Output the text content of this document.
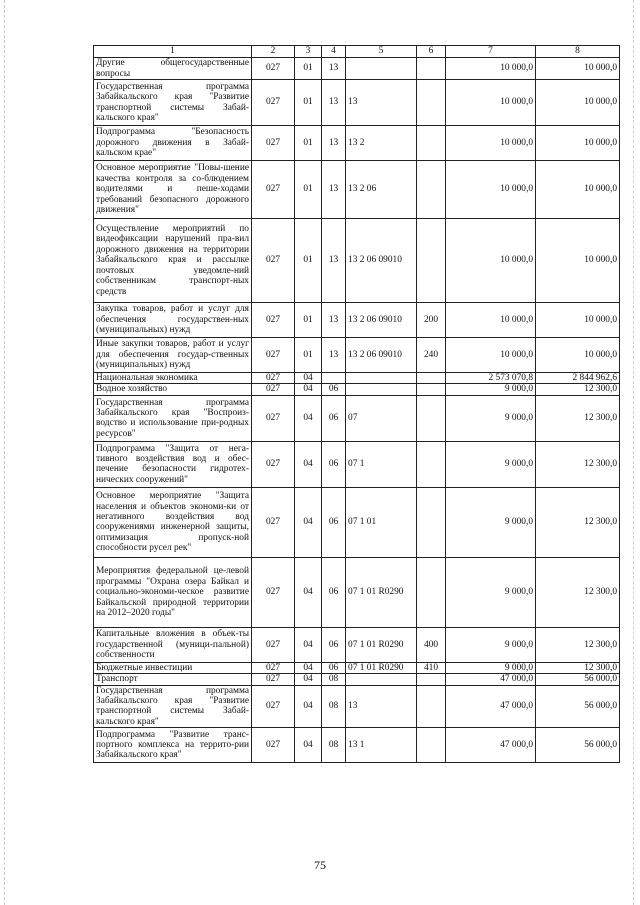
1	2	3	4	5	6	7	8
Другие общегосударственные вопросы	027	01	13			10 000,0	10 000,0
Государственная программа Забайкальского края "Развитие транспортной системы Забай-кальского края"	027	01	13	13		10 000,0	10 000,0
Подпрограмма "Безопасность дорожного движения в Забай-кальском крае"	027	01	13	13 2		10 000,0	10 000,0
Основное мероприятие "Повы-шение качества контроля за со-блюдением водителями и пеше-ходами требований безопасного дорожного движения"	027	01	13	13 2 06		10 000,0	10 000,0
Осуществление мероприятий по видеофиксации нарушений пра-вил дорожного движения на территории Забайкальского края и рассылке почтовых уведомле-ний собственникам транспорт-ных средств	027	01	13	13 2 06 09010		10 000,0	10 000,0
Закупка товаров, работ и услуг для обеспечения государствен-ных (муниципальных) нужд	027	01	13	13 2 06 09010	200	10 000,0	10 000,0
Иные закупки товаров, работ и услуг для обеспечения государ-ственных (муниципальных) нужд	027	01	13	13 2 06 09010	240	10 000,0	10 000,0
Национальная экономика	027	04				2 573 070,8	2 844 962,6
Водное хозяйство	027	04	06			9 000,0	12 300,0
Государственная программа Забайкальского края "Воспроиз-водство и использование при-родных ресурсов"	027	04	06	07		9 000,0	12 300,0
Подпрограмма "Защита от нега-тивного воздействия вод и обес-печение безопасности гидротех-нических сооружений"	027	04	06	07 1		9 000,0	12 300,0
Основное мероприятие "Защита населения и объектов экономи-ки от негативного воздействия вод сооружениями инженерной защиты, оптимизация пропуск-ной способности русел рек"	027	04	06	07 1 01		9 000,0	12 300,0
Мероприятия федеральной це-левой программы "Охрана озера Байкал и социально-экономи-ческое развитие Байкальской природной территории на 2012–2020 годы"	027	04	06	07 1 01 R0290		9 000,0	12 300,0
Капитальные вложения в объек-ты государственной (муници-пальной) собственности	027	04	06	07 1 01 R0290	400	9 000,0	12 300,0
Бюджетные инвестиции	027	04	06	07 1 01 R0290	410	9 000,0	12 300,0
Транспорт	027	04	08			47 000,0	56 000,0
Государственная программа Забайкальского края "Развитие транспортной системы Забай-кальского края"	027	04	08	13		47 000,0	56 000,0
Подпрограмма "Развитие транс-портного комплекса на террито-рии Забайкальского края"	027	04	08	13 1		47 000,0	56 000,0
75
